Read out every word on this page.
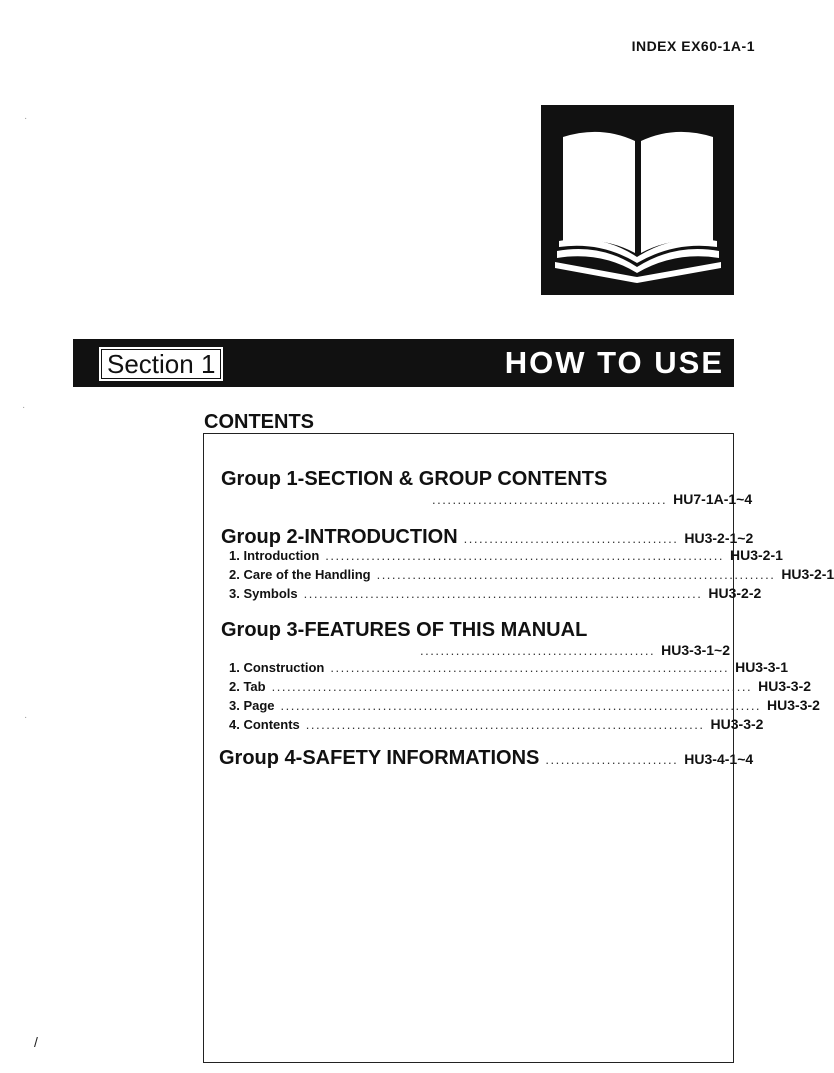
INDEX EX60-1A-1
Section 1	HOW TO USE
CONTENTS
Group 1-SECTION & GROUP CONTENTS
.............................................. HU7-1A-1~4
Group 2-INTRODUCTION .......................................... HU3-2-1~2
1. Introduction .............................................................................. HU3-2-1
2. Care of the Handling .............................................................................. HU3-2-1
3. Symbols .............................................................................. HU3-2-2
Group 3-FEATURES OF THIS MANUAL
.............................................. HU3-3-1~2
1. Construction .............................................................................. HU3-3-1
2. Tab .............................................................................................. HU3-3-2
3. Page .............................................................................................. HU3-3-2
4. Contents .............................................................................. HU3-3-2
Group 4-SAFETY INFORMATIONS .......................... HU3-4-1~4
·
·
·
/
